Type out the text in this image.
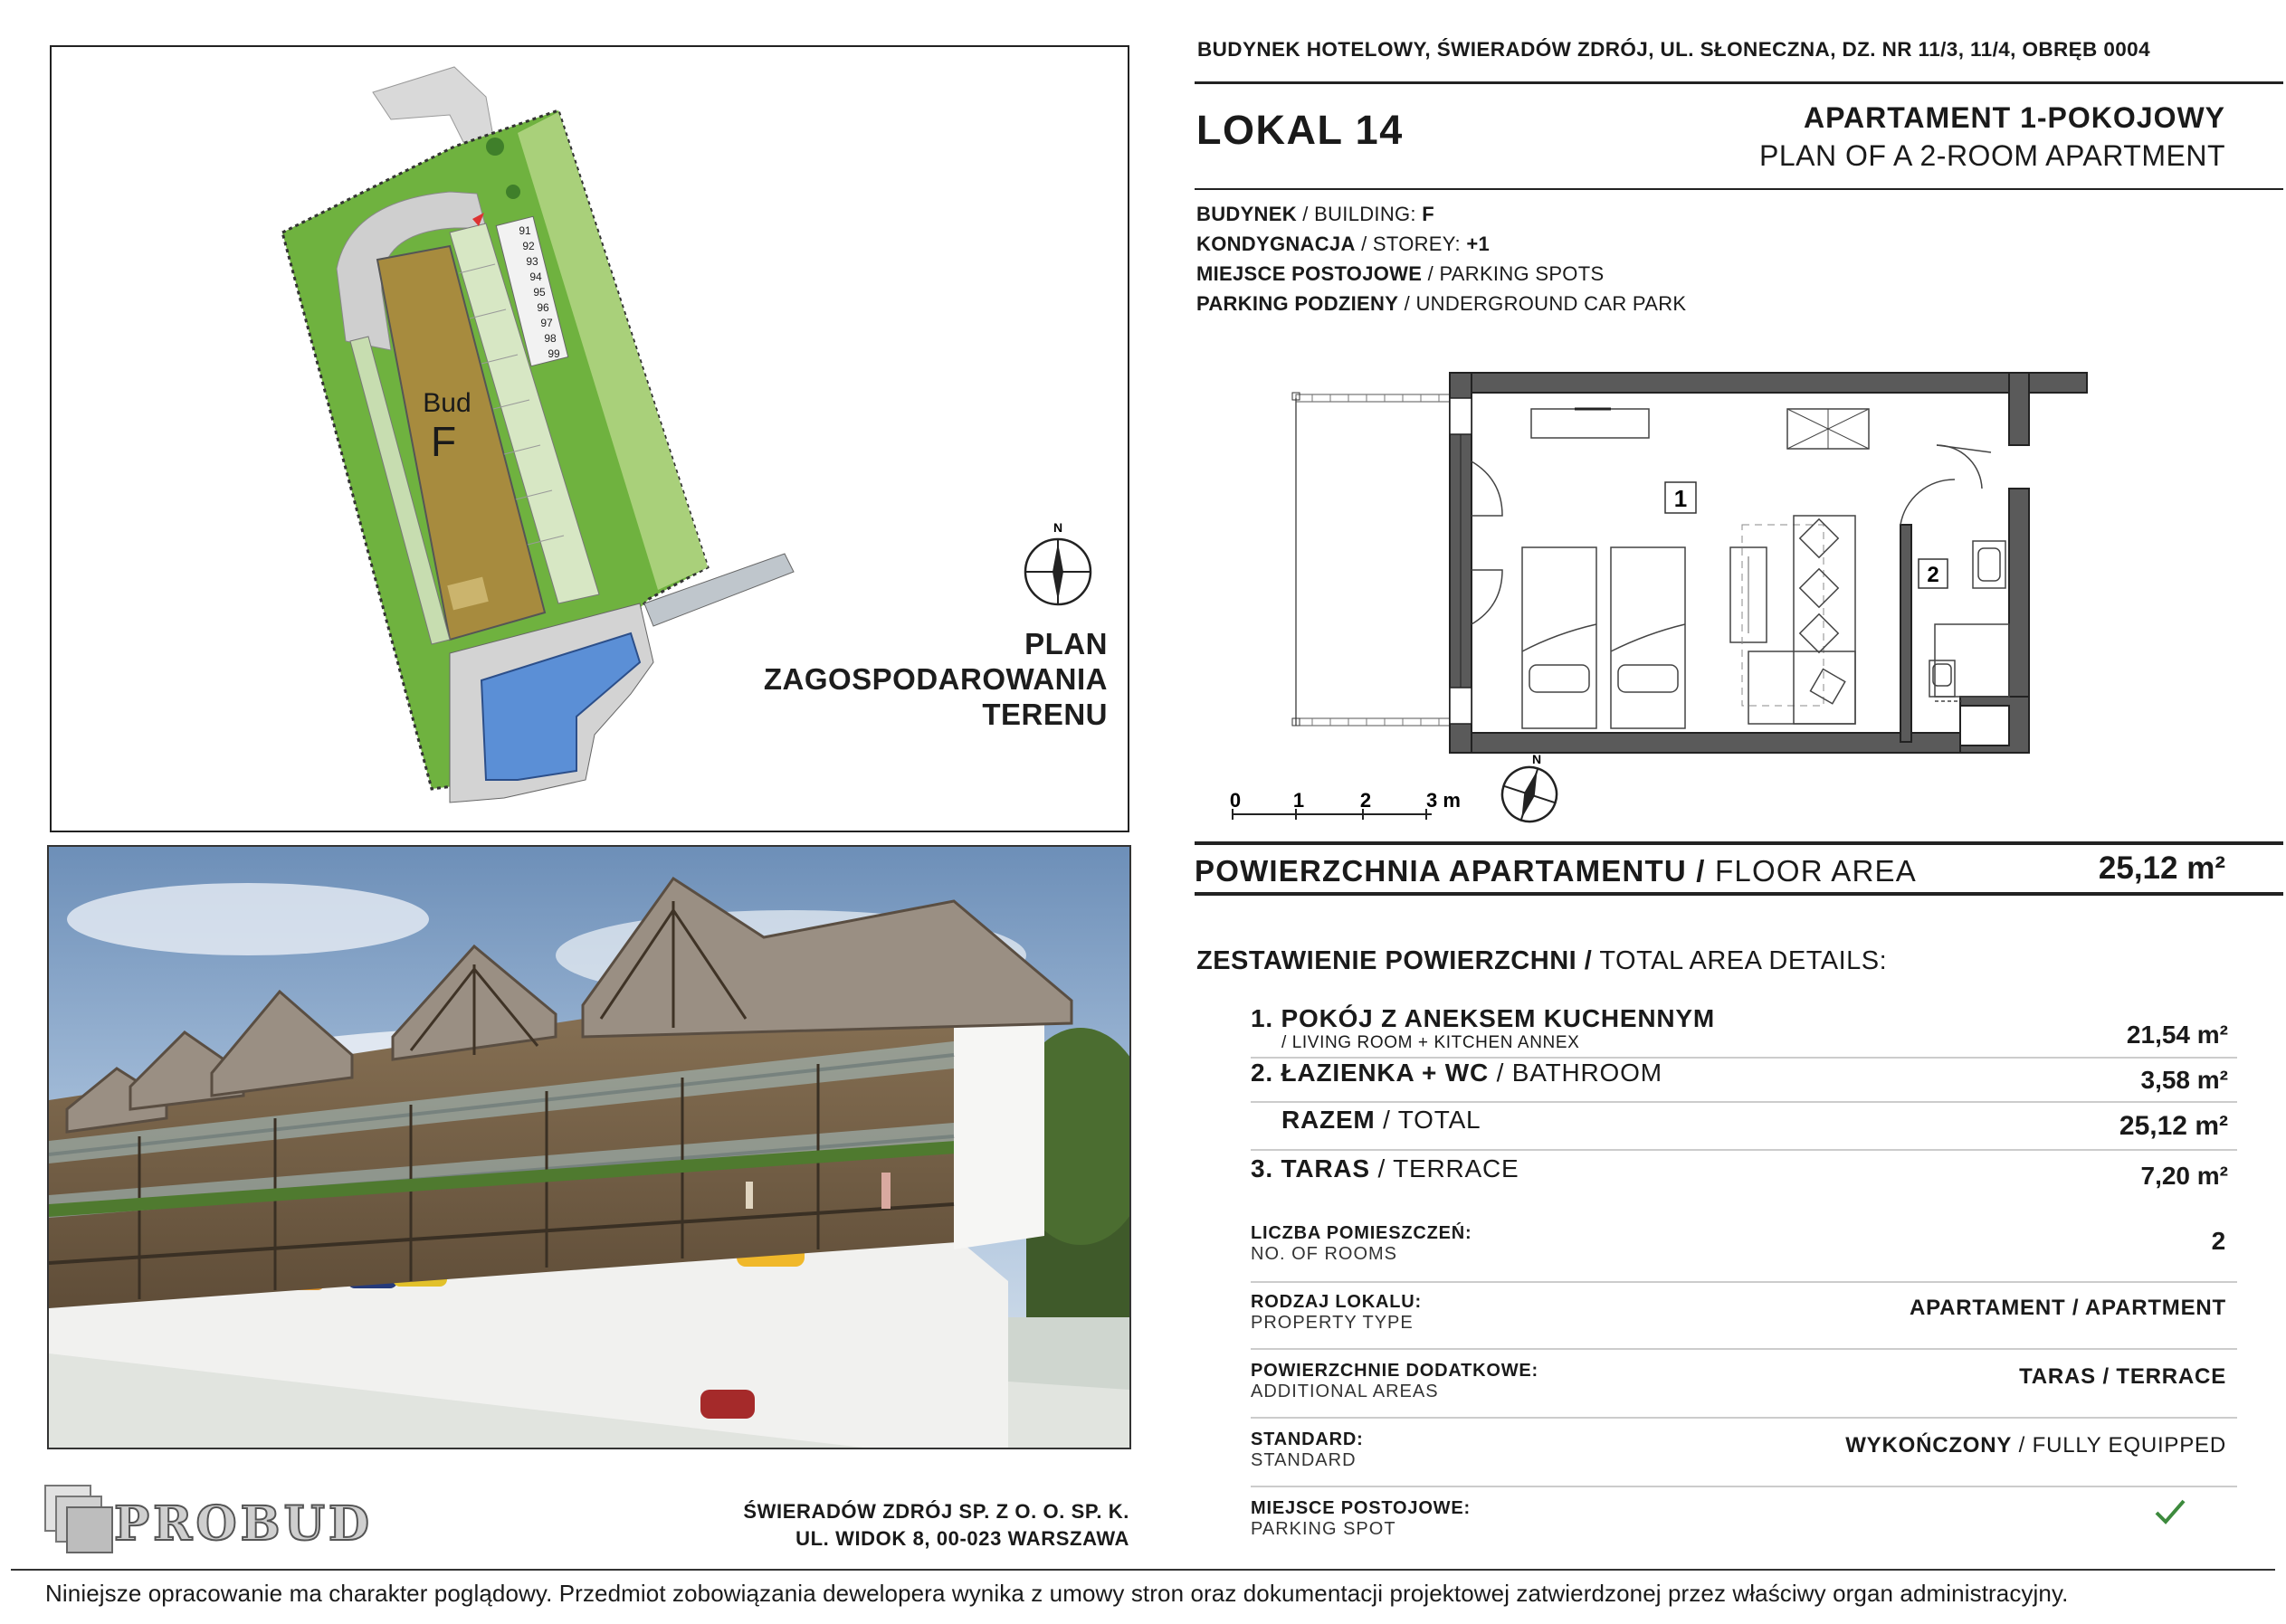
91
92
93
94
95
96
97
98
99
N
Bud
F
PLAN
ZAGOSPODAROWANIA
TERENU
PROBUD	ŚWIERADÓW ZDRÓJ SP. Z O. O. SP. K.
UL. WIDOK 8, 00-023 WARSZAWA
BUDYNEK HOTELOWY, ŚWIERADÓW ZDRÓJ, UL. SŁONECZNA, DZ. NR 11/3, 11/4, OBRĘB 0004
LOKAL 14	APARTAMENT 1-POKOJOWY
PLAN OF A 2-ROOM APARTMENT
BUDYNEK / BUILDING: F
KONDYGNACJA / STOREY: +1
MIEJSCE POSTOJOWE / PARKING SPOTS
PARKING PODZIENY / UNDERGROUND CAR PARK
1
2
0	1	2	3 m
N
POWIERZCHNIA APARTAMENTU / FLOOR AREA	25,12 m²
ZESTAWIENIE POWIERZCHNI / TOTAL AREA DETAILS:
1. POKÓJ Z ANEKSEM KUCHENNYM
/ LIVING ROOM + KITCHEN ANNEX	21,54 m²
2. ŁAZIENKA + WC / BATHROOM	3,58 m²
RAZEM / TOTAL	25,12 m²
3. TARAS / TERRACE	7,20 m²
LICZBA POMIESZCZEŃ:
NO. OF ROOMS	2
RODZAJ LOKALU:
PROPERTY TYPE
APARTAMENT / APARTMENT
POWIERZCHNIE DODATKOWE:
ADDITIONAL AREAS
TARAS / TERRACE
STANDARD:
STANDARD
WYKOŃCZONY / FULLY EQUIPPED
MIEJSCE POSTOJOWE:
PARKING SPOT
Niniejsze opracowanie ma charakter poglądowy. Przedmiot zobowiązania dewelopera wynika z umowy stron oraz dokumentacji projektowej zatwierdzonej przez właściwy organ administracyjny.
